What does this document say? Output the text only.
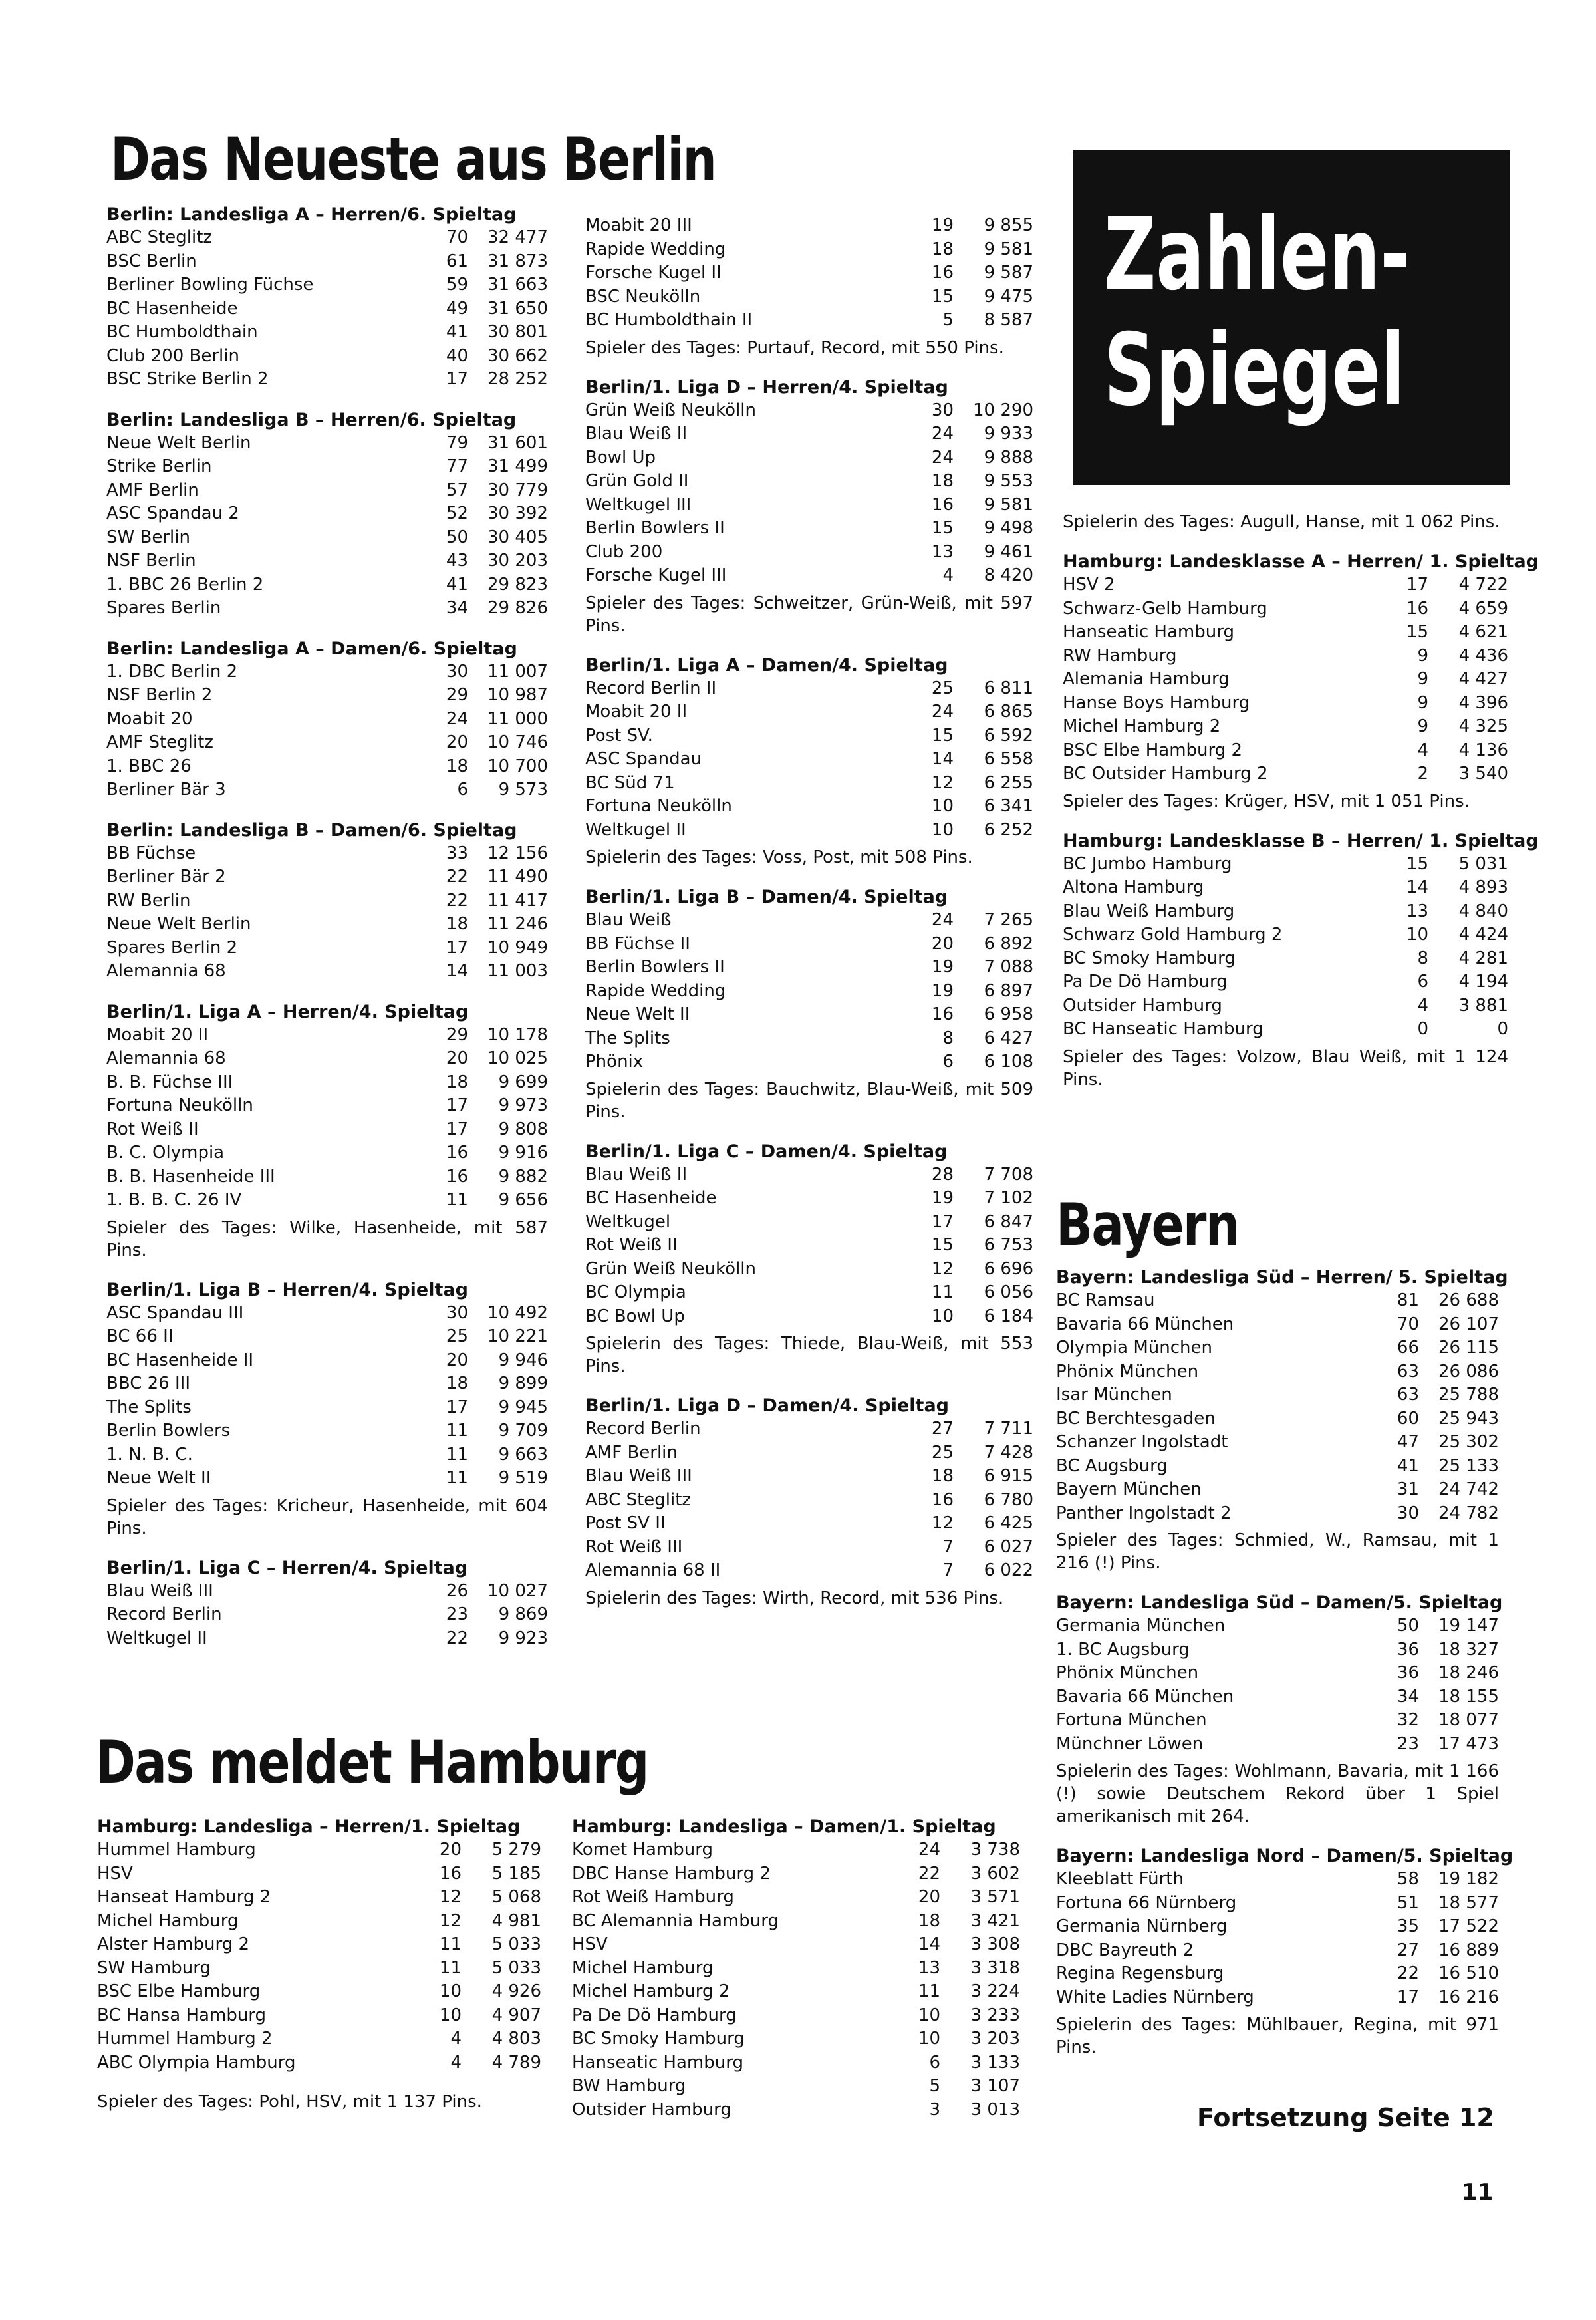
Das Neueste aus Berlin
Das meldet Hamburg
Bayern
Zahlen-
Spiegel
Berlin: Landesliga A – Herren/6. Spieltag
ABC Steglitz	70	32 477
BSC Berlin	61	31 873
Berliner Bowling Füchse	59	31 663
BC Hasenheide	49	31 650
BC Humboldthain	41	30 801
Club 200 Berlin	40	30 662
BSC Strike Berlin 2	17	28 252
Berlin: Landesliga B – Herren/6. Spieltag
Neue Welt Berlin	79	31 601
Strike Berlin	77	31 499
AMF Berlin	57	30 779
ASC Spandau 2	52	30 392
SW Berlin	50	30 405
NSF Berlin	43	30 203
1. BBC 26 Berlin 2	41	29 823
Spares Berlin	34	29 826
Berlin: Landesliga A – Damen/6. Spieltag
1. DBC Berlin 2	30	11 007
NSF Berlin 2	29	10 987
Moabit 20	24	11 000
AMF Steglitz	20	10 746
1. BBC 26	18	10 700
Berliner Bär 3	6	9 573
Berlin: Landesliga B – Damen/6. Spieltag
BB Füchse	33	12 156
Berliner Bär 2	22	11 490
RW Berlin	22	11 417
Neue Welt Berlin	18	11 246
Spares Berlin 2	17	10 949
Alemannia 68	14	11 003
Berlin/1. Liga A – Herren/4. Spieltag
Moabit 20 II	29	10 178
Alemannia 68	20	10 025
B. B. Füchse III	18	9 699
Fortuna Neukölln	17	9 973
Rot Weiß II	17	9 808
B. C. Olympia	16	9 916
B. B. Hasenheide III	16	9 882
1. B. B. C. 26 IV	11	9 656
Spieler des Tages: Wilke, Hasenheide, mit 587 Pins.
Berlin/1. Liga B – Herren/4. Spieltag
ASC Spandau III	30	10 492
BC 66 II	25	10 221
BC Hasenheide II	20	9 946
BBC 26 III	18	9 899
The Splits	17	9 945
Berlin Bowlers	11	9 709
1. N. B. C.	11	9 663
Neue Welt II	11	9 519
Spieler des Tages: Kricheur, Hasenheide, mit 604 Pins.
Berlin/1. Liga C – Herren/4. Spieltag
Blau Weiß III	26	10 027
Record Berlin	23	9 869
Weltkugel II	22	9 923
Moabit 20 III	19	9 855
Rapide Wedding	18	9 581
Forsche Kugel II	16	9 587
BSC Neukölln	15	9 475
BC Humboldthain II	5	8 587
Spieler des Tages: Purtauf, Record, mit 550 Pins.
Berlin/1. Liga D – Herren/4. Spieltag
Grün Weiß Neukölln	30	10 290
Blau Weiß II	24	9 933
Bowl Up	24	9 888
Grün Gold II	18	9 553
Weltkugel III	16	9 581
Berlin Bowlers II	15	9 498
Club 200	13	9 461
Forsche Kugel III	4	8 420
Spieler des Tages: Schweitzer, Grün-Weiß, mit 597 Pins.
Berlin/1. Liga A – Damen/4. Spieltag
Record Berlin II	25	6 811
Moabit 20 II	24	6 865
Post SV.	15	6 592
ASC Spandau	14	6 558
BC Süd 71	12	6 255
Fortuna Neukölln	10	6 341
Weltkugel II	10	6 252
Spielerin des Tages: Voss, Post, mit 508 Pins.
Berlin/1. Liga B – Damen/4. Spieltag
Blau Weiß	24	7 265
BB Füchse II	20	6 892
Berlin Bowlers II	19	7 088
Rapide Wedding	19	6 897
Neue Welt II	16	6 958
The Splits	8	6 427
Phönix	6	6 108
Spielerin des Tages: Bauchwitz, Blau-Weiß, mit 509 Pins.
Berlin/1. Liga C – Damen/4. Spieltag
Blau Weiß II	28	7 708
BC Hasenheide	19	7 102
Weltkugel	17	6 847
Rot Weiß II	15	6 753
Grün Weiß Neukölln	12	6 696
BC Olympia	11	6 056
BC Bowl Up	10	6 184
Spielerin des Tages: Thiede, Blau-Weiß, mit 553 Pins.
Berlin/1. Liga D – Damen/4. Spieltag
Record Berlin	27	7 711
AMF Berlin	25	7 428
Blau Weiß III	18	6 915
ABC Steglitz	16	6 780
Post SV II	12	6 425
Rot Weiß III	7	6 027
Alemannia 68 II	7	6 022
Spielerin des Tages: Wirth, Record, mit 536 Pins.
Hamburg: Landesliga – Herren/1. Spieltag
Hummel Hamburg	20	5 279
HSV	16	5 185
Hanseat Hamburg 2	12	5 068
Michel Hamburg	12	4 981
Alster Hamburg 2	11	5 033
SW Hamburg	11	5 033
BSC Elbe Hamburg	10	4 926
BC Hansa Hamburg	10	4 907
Hummel Hamburg 2	4	4 803
ABC Olympia Hamburg	4	4 789
Spieler des Tages: Pohl, HSV, mit 1 137 Pins.
Hamburg: Landesliga – Damen/1. Spieltag
Komet Hamburg	24	3 738
DBC Hanse Hamburg 2	22	3 602
Rot Weiß Hamburg	20	3 571
BC Alemannia Hamburg	18	3 421
HSV	14	3 308
Michel Hamburg	13	3 318
Michel Hamburg 2	11	3 224
Pa De Dö Hamburg	10	3 233
BC Smoky Hamburg	10	3 203
Hanseatic Hamburg	6	3 133
BW Hamburg	5	3 107
Outsider Hamburg	3	3 013
Spielerin des Tages: Augull, Hanse, mit 1 062 Pins.
Hamburg: Landesklasse A – Herren/ 1. Spieltag
HSV 2	17	4 722
Schwarz-Gelb Hamburg	16	4 659
Hanseatic Hamburg	15	4 621
RW Hamburg	9	4 436
Alemania Hamburg	9	4 427
Hanse Boys Hamburg	9	4 396
Michel Hamburg 2	9	4 325
BSC Elbe Hamburg 2	4	4 136
BC Outsider Hamburg 2	2	3 540
Spieler des Tages: Krüger, HSV, mit 1 051 Pins.
Hamburg: Landesklasse B – Herren/ 1. Spieltag
BC Jumbo Hamburg	15	5 031
Altona Hamburg	14	4 893
Blau Weiß Hamburg	13	4 840
Schwarz Gold Hamburg 2	10	4 424
BC Smoky Hamburg	8	4 281
Pa De Dö Hamburg	6	4 194
Outsider Hamburg	4	3 881
BC Hanseatic Hamburg	0	0
Spieler des Tages: Volzow, Blau Weiß, mit 1 124 Pins.
Bayern: Landesliga Süd – Herren/ 5. Spieltag
BC Ramsau	81	26 688
Bavaria 66 München	70	26 107
Olympia München	66	26 115
Phönix München	63	26 086
Isar München	63	25 788
BC Berchtesgaden	60	25 943
Schanzer Ingolstadt	47	25 302
BC Augsburg	41	25 133
Bayern München	31	24 742
Panther Ingolstadt 2	30	24 782
Spieler des Tages: Schmied, W., Ramsau, mit 1 216 (!) Pins.
Bayern: Landesliga Süd – Damen/5. Spieltag
Germania München	50	19 147
1. BC Augsburg	36	18 327
Phönix München	36	18 246
Bavaria 66 München	34	18 155
Fortuna München	32	18 077
Münchner Löwen	23	17 473
Spielerin des Tages: Wohlmann, Bavaria, mit 1 166 (!) sowie Deutschem Rekord über 1 Spiel amerikanisch mit 264.
Bayern: Landesliga Nord – Damen/5. Spieltag
Kleeblatt Fürth	58	19 182
Fortuna 66 Nürnberg	51	18 577
Germania Nürnberg	35	17 522
DBC Bayreuth 2	27	16 889
Regina Regensburg	22	16 510
White Ladies Nürnberg	17	16 216
Spielerin des Tages: Mühlbauer, Regina, mit 971 Pins.
Fortsetzung Seite 12
11
